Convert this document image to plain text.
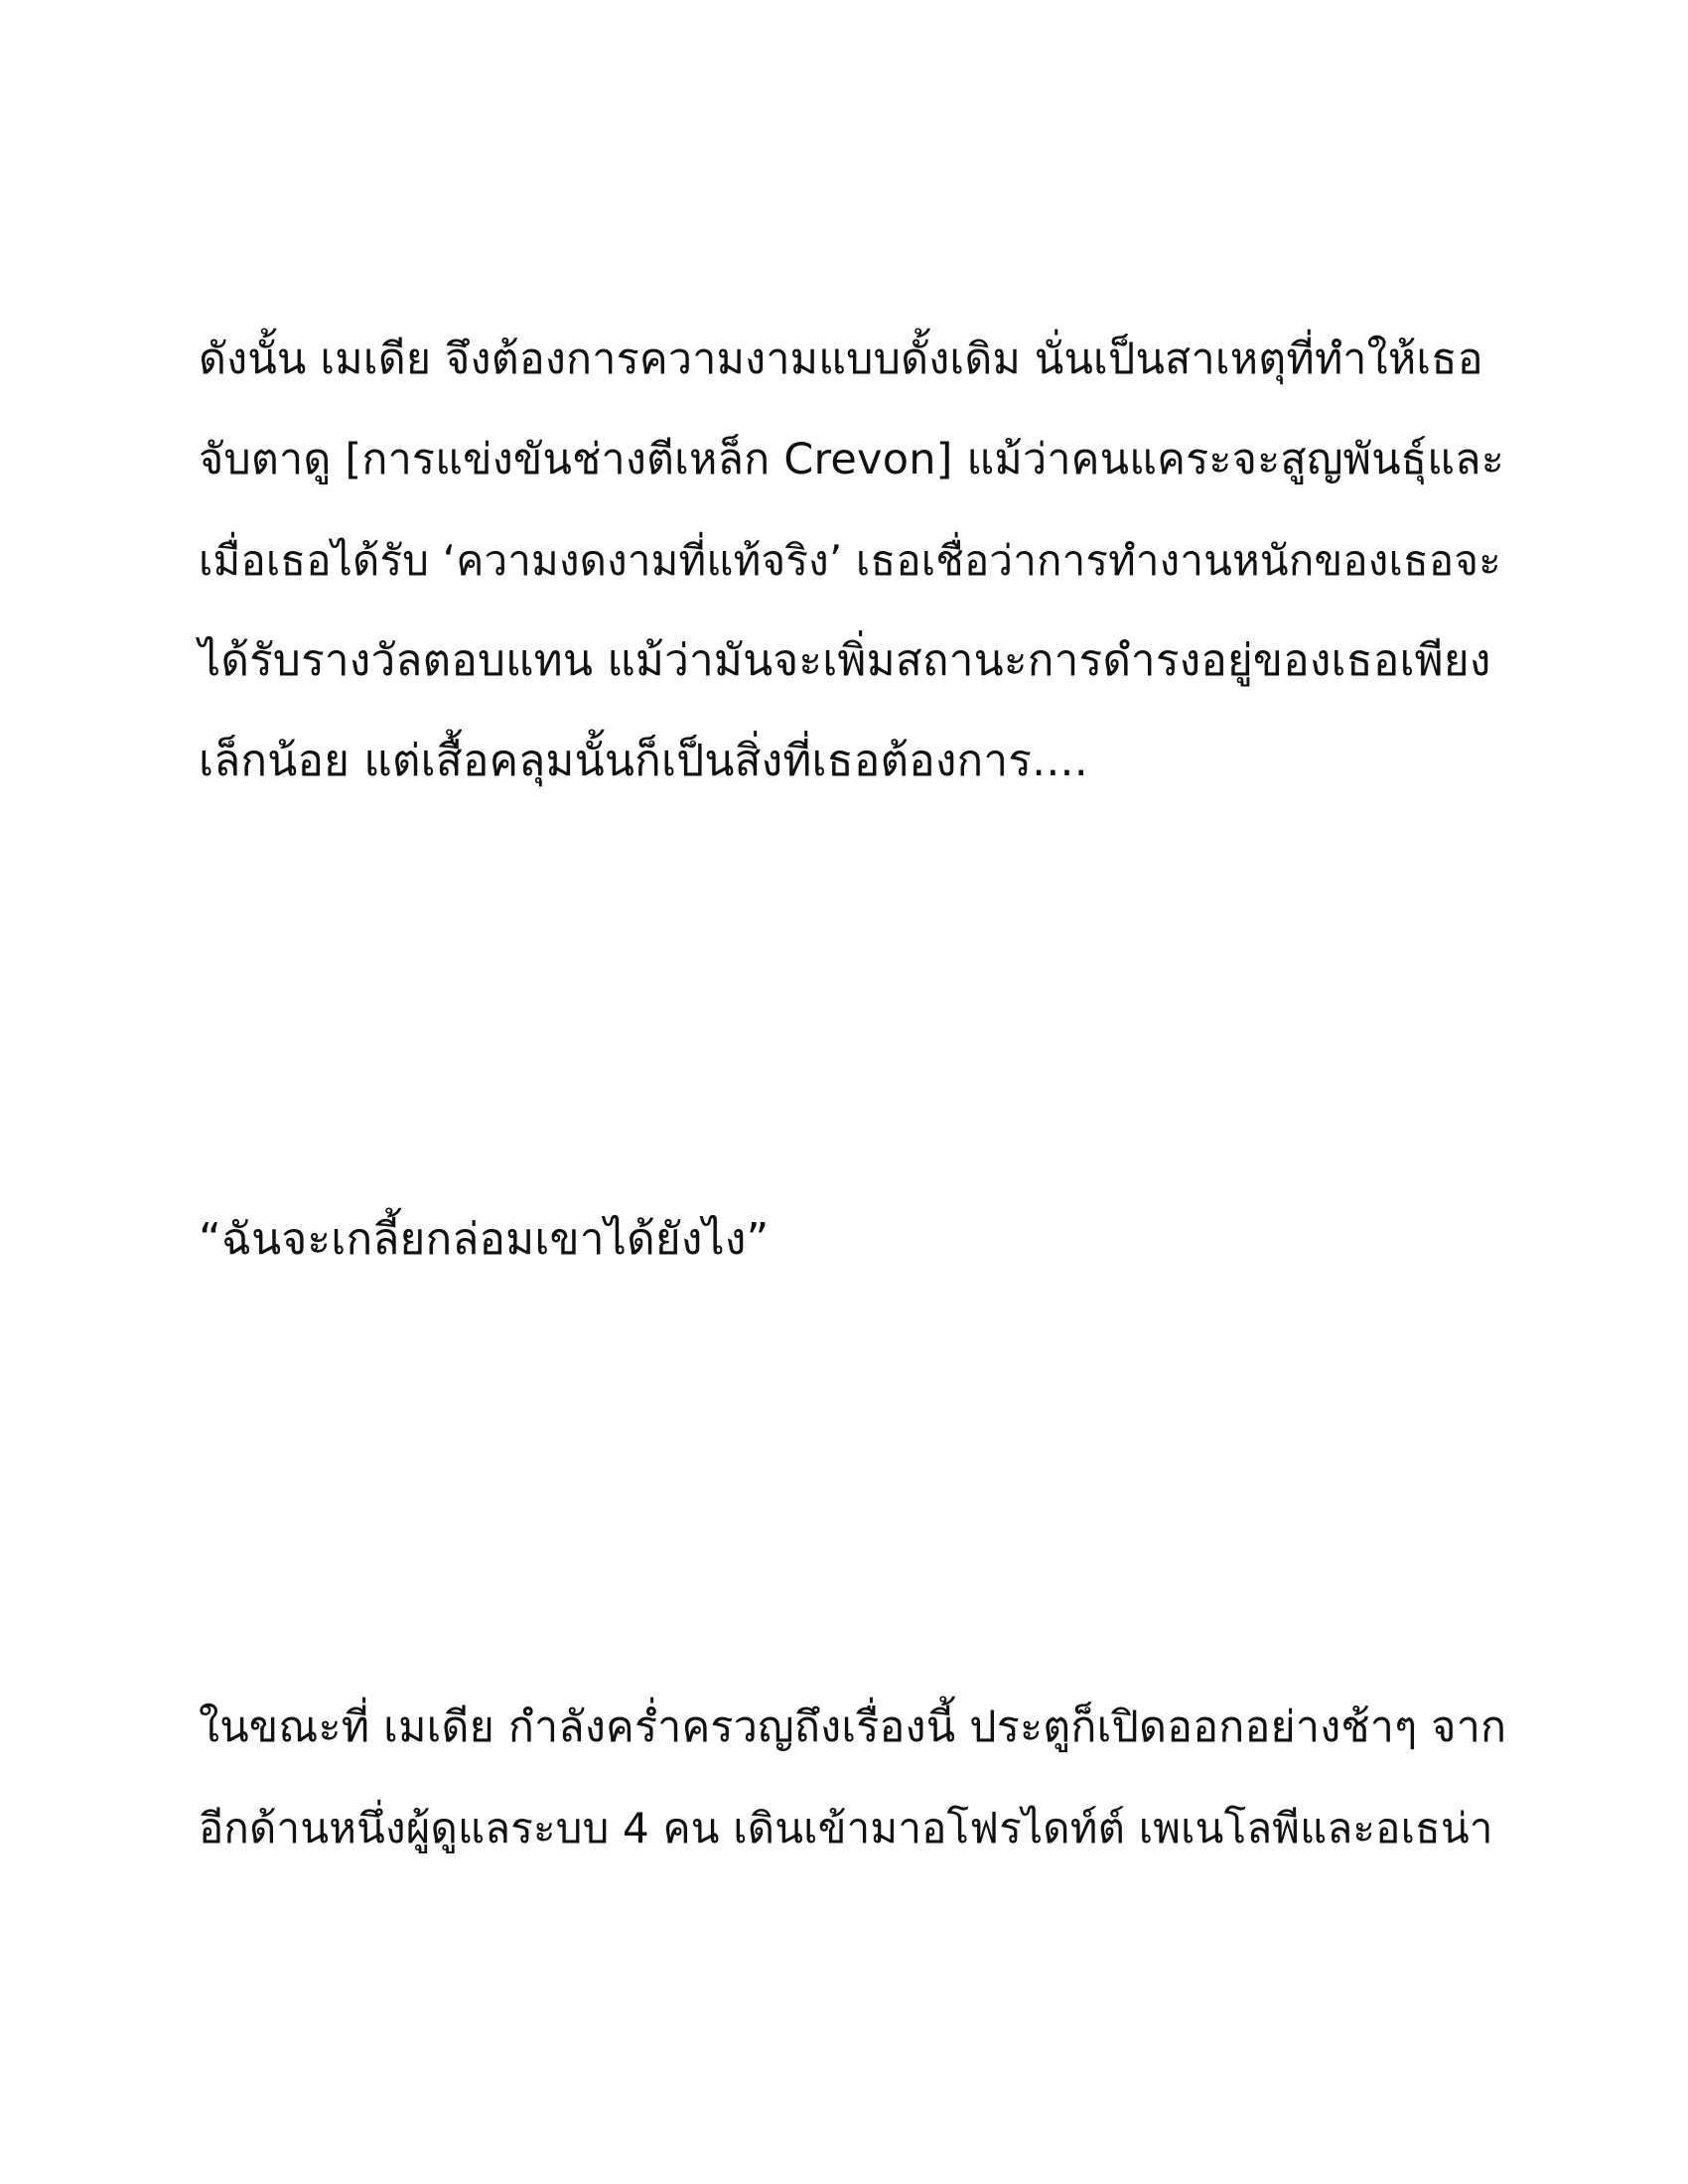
ดังนั้น เมเดีย จึงต้องการความงามแบบดั้งเดิม นั่นเป็นสาเหตุที่ทำให้เธอ
จับตาดู [การแข่งขันช่างตีเหล็ก Crevon] แม้ว่าคนแคระจะสูญพันธุ์และ
เมื่อเธอได้รับ ‘ความงดงามที่แท้จริง’ เธอเชื่อว่าการทำงานหนักของเธอจะ
ได้รับรางวัลตอบแทน แม้ว่ามันจะเพิ่มสถานะการดำรงอยู่ของเธอเพียง
เล็กน้อย แต่เสื้อคลุมนั้นก็เป็นสิ่งที่เธอต้องการ....
“ฉันจะเกลี้ยกล่อมเขาได้ยังไง”
ในขณะที่ เมเดีย กำลังคร่ำครวญถึงเรื่องนี้ ประตูก็เปิดออกอย่างช้าๆ จาก
อีกด้านหนึ่งผู้ดูแลระบบ 4 คน เดินเข้ามาอโฟรไดท์ต์ เพเนโลพีและอเธน่า
